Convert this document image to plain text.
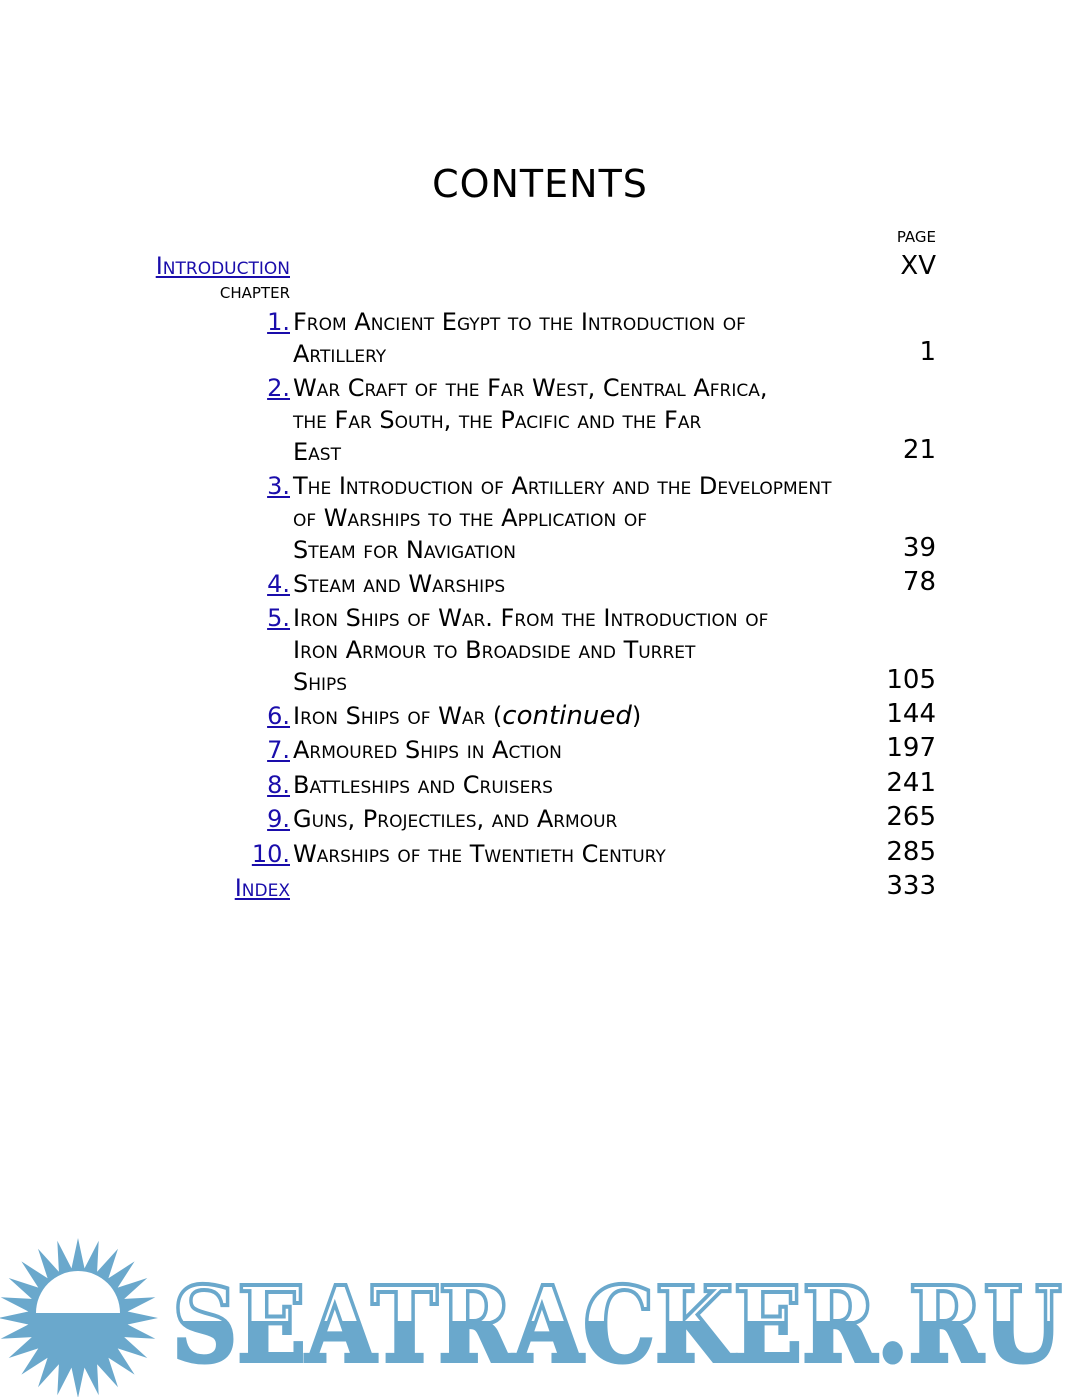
CONTENTS
PAGE
CHAPTER
Introduction	XV
1. From Ancient Egypt to the Introduction of
Artillery	1
2. War Craft of the Far West, Central Africa,
the Far South, the Pacific and the Far
East	21
3. The Introduction of Artillery and the Development
of Warships to the Application of
Steam for Navigation	39
4. Steam and Warships	78
5. Iron Ships of War. From the Introduction of
Iron Armour to Broadside and Turret
Ships	105
6. Iron Ships of War (continued)	144
7. Armoured Ships in Action	197
8. Battleships and Cruisers	241
9. Guns, Projectiles, and Armour	265
10. Warships of the Twentieth Century	285
Index	333
SEATRACKER.RU
